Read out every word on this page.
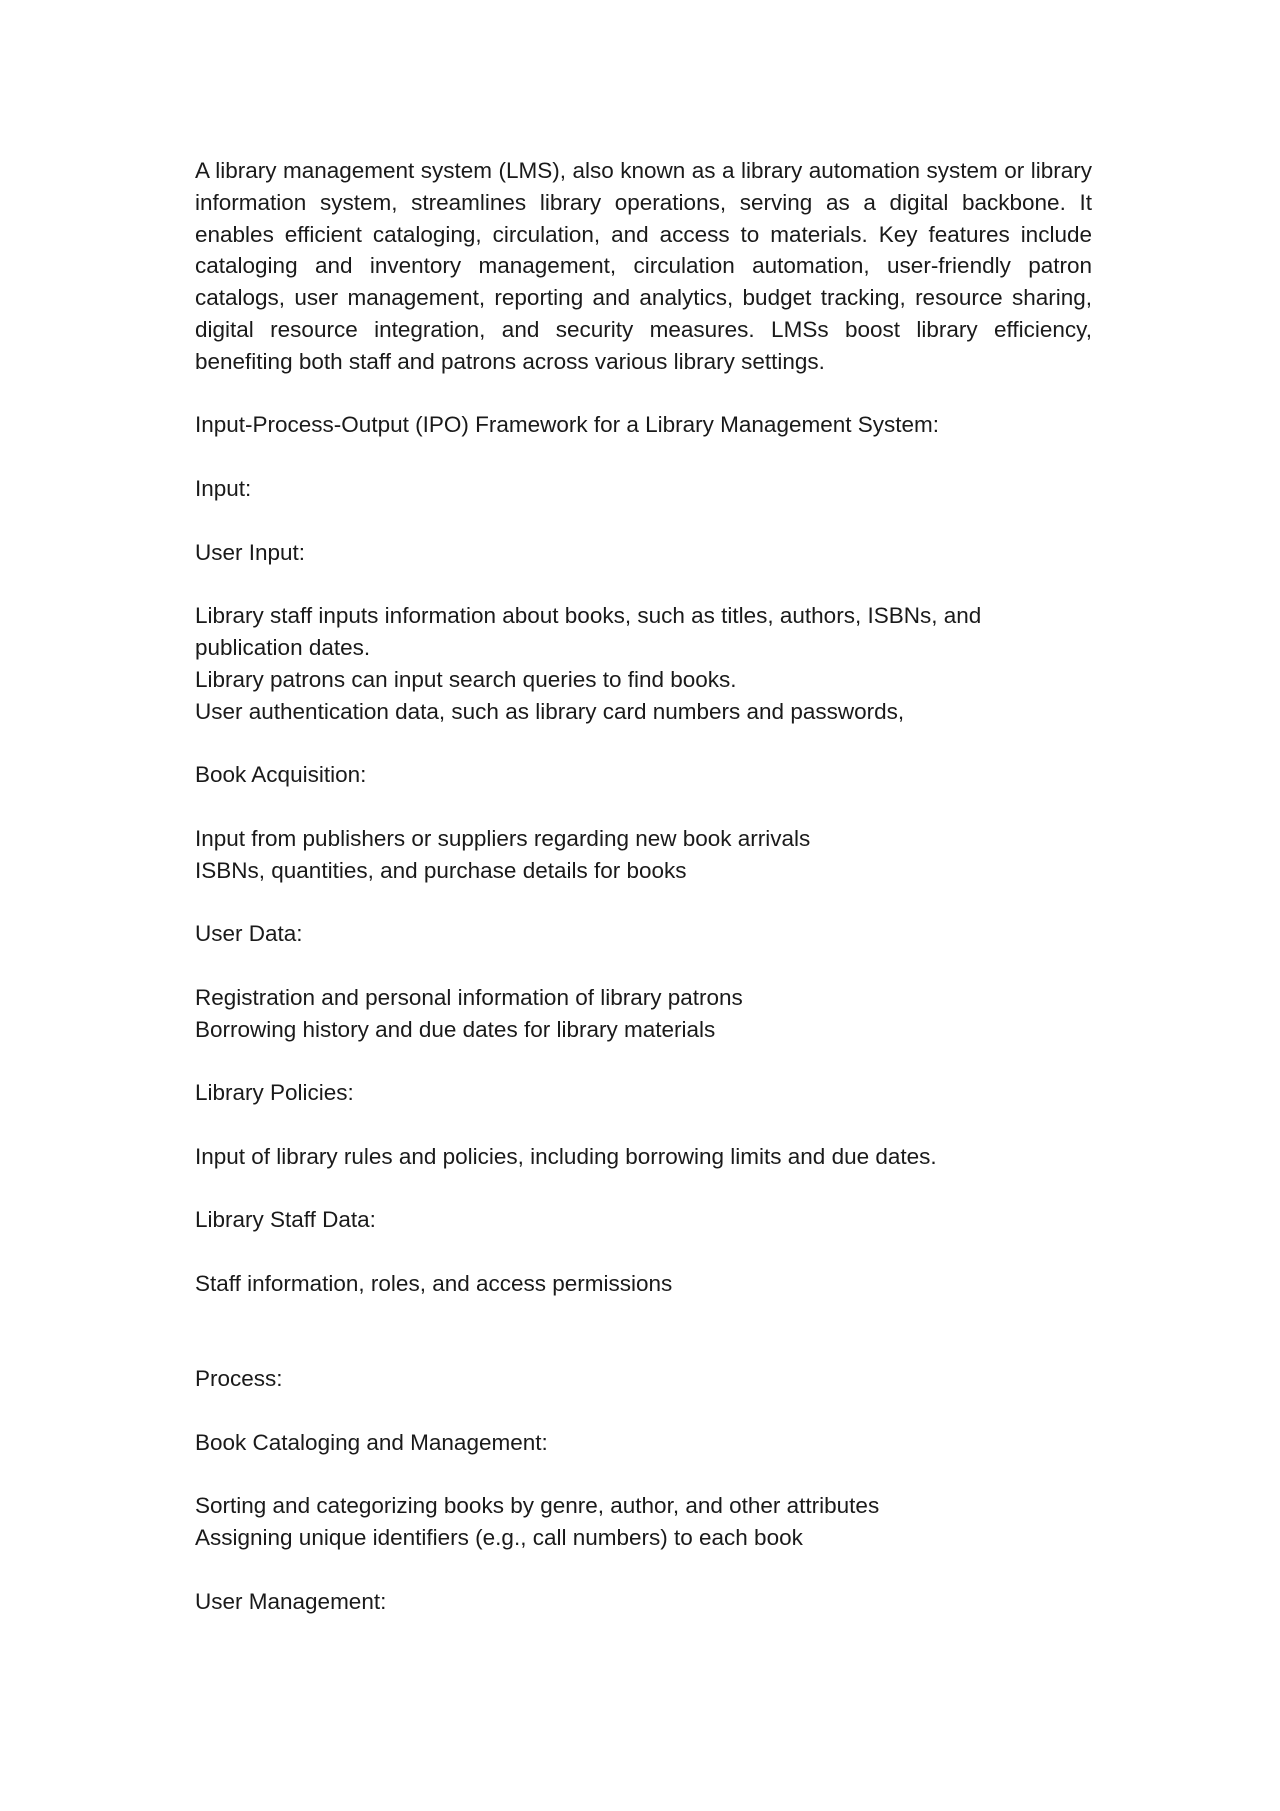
A library management system (LMS), also known as a library automation system or library information system, streamlines library operations, serving as a digital backbone. It enables efficient cataloging, circulation, and access to materials. Key features include cataloging and inventory management, circulation automation, user-friendly patron catalogs, user management, reporting and analytics, budget tracking, resource sharing, digital resource integration, and security measures. LMSs boost library efficiency, benefiting both staff and patrons across various library settings.

Input-Process-Output (IPO) Framework for a Library Management System:

Input:

User Input:

Library staff inputs information about books, such as titles, authors, ISBNs, and publication dates.

Library patrons can input search queries to find books.

User authentication data, such as library card numbers and passwords,

Book Acquisition:

Input from publishers or suppliers regarding new book arrivals

ISBNs, quantities, and purchase details for books

User Data:

Registration and personal information of library patrons

Borrowing history and due dates for library materials

Library Policies:

Input of library rules and policies, including borrowing limits and due dates.

Library Staff Data:

Staff information, roles, and access permissions

Process:

Book Cataloging and Management:

Sorting and categorizing books by genre, author, and other attributes

Assigning unique identifiers (e.g., call numbers) to each book

User Management:
